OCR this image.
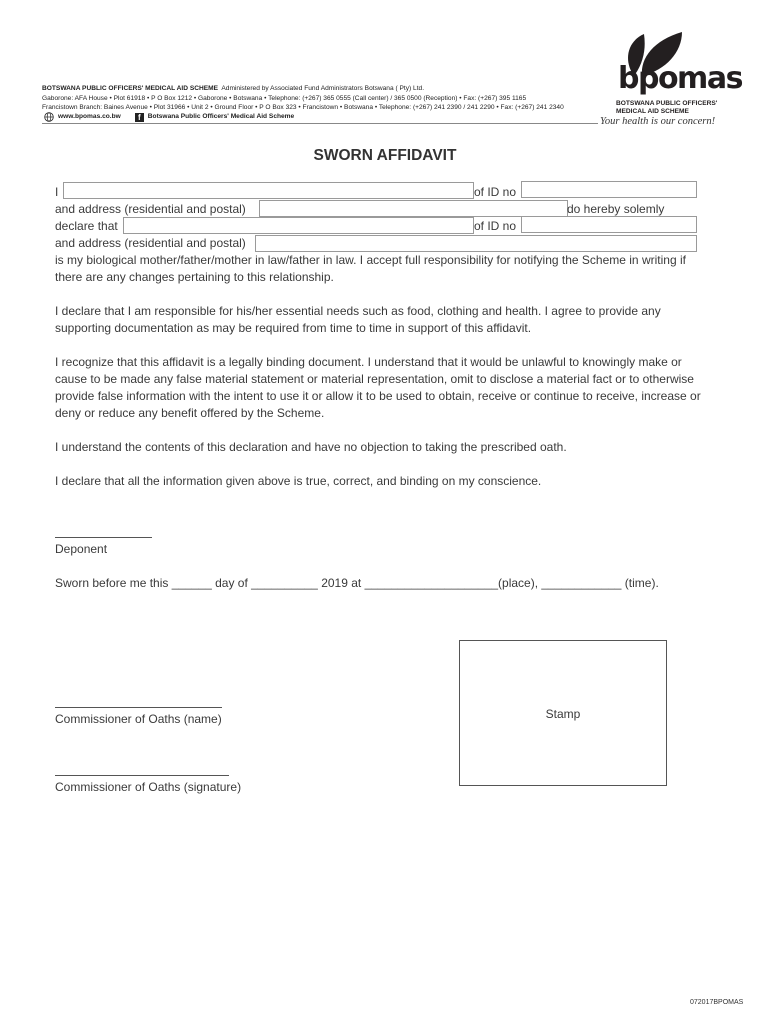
BOTSWANA PUBLIC OFFICERS' MEDICAL AID SCHEME Administered by Associated Fund Administrators Botswana ( Pty) Ltd.
Gaborone: AFA House • Plot 61918 • P O Box 1212 • Gaborone • Botswana • Telephone: (+267) 365 0555 (Call center) / 365 0500 (Reception) • Fax: (+267) 395 1165
Francistown Branch: Baines Avenue • Plot 31966 • Unit 2 • Ground Floor • P O Box 323 • Francistown • Botswana • Telephone: (+267) 241 2390 / 241 2290 • Fax: (+267) 241 2340
www.bpomas.co.bw	f	Botswana Public Officers' Medical Aid Scheme
bpomas
BOTSWANA PUBLIC OFFICERS'
MEDICAL AID SCHEME
Your health is our concern!
SWORN AFFIDAVIT
I	of ID no
and address (residential and postal)	do hereby solemly
declare that	of ID no
and address (residential and postal)

is my biological mother/father/mother in law/father in law. I accept full responsibility for notifying the Scheme in writing if there are any changes pertaining to this relationship.

I declare that I am responsible for his/her essential needs such as food, clothing and health. I agree to provide any supporting documentation as may be required from time to time in support of this affidavit.

I recognize that this affidavit is a legally binding document. I understand that it would be unlawful to knowingly make or cause to be made any false material statement or material representation, omit to disclose a material fact or to otherwise provide false information with the intent to use it or allow it to be used to obtain, receive or continue to receive, increase or deny or reduce any benefit offered by the Scheme.

I understand the contents of this declaration and have no objection to taking the prescribed oath.

I declare that all the information given above is true, correct, and binding on my conscience.

Deponent
Sworn before me this ______ day of __________ 2019 at ____________________(place), ____________ (time).
Commissioner of Oaths (name)
Commissioner of Oaths (signature)
Stamp
072017BPOMAS
